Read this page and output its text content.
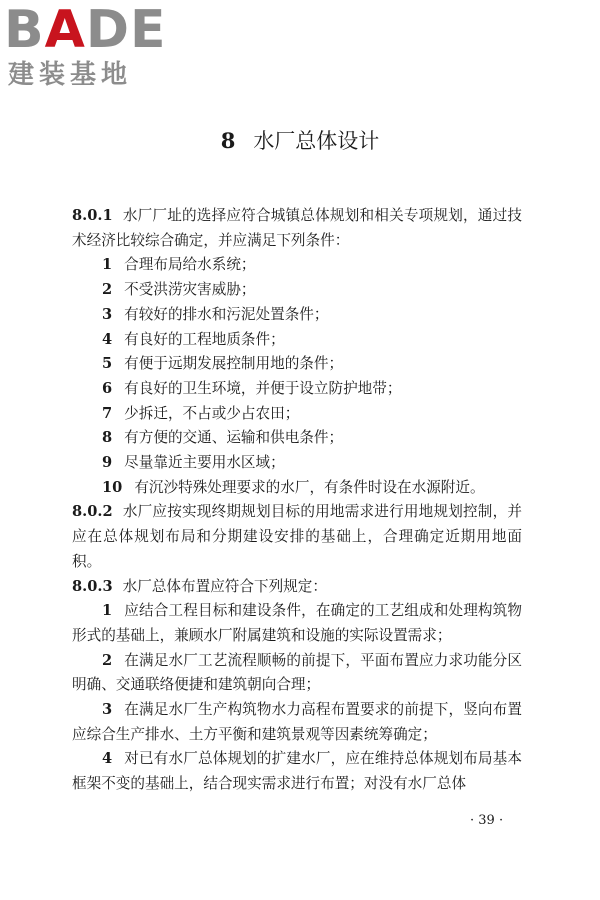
BADE
建装基地
8 水厂总体设计

8.0.1 水厂厂址的选择应符合城镇总体规划和相关专项规划，通过技术经济比较综合确定，并应满足下列条件：

1 合理布局给水系统；

2 不受洪涝灾害威胁；

3 有较好的排水和污泥处置条件；

4 有良好的工程地质条件；

5 有便于远期发展控制用地的条件；

6 有良好的卫生环境，并便于设立防护地带；

7 少拆迁，不占或少占农田；

8 有方便的交通、运输和供电条件；

9 尽量靠近主要用水区域；

10 有沉沙特殊处理要求的水厂，有条件时设在水源附近。

8.0.2 水厂应按实现终期规划目标的用地需求进行用地规划控制，并应在总体规划布局和分期建设安排的基础上，合理确定近期用地面积。

8.0.3 水厂总体布置应符合下列规定：

1 应结合工程目标和建设条件，在确定的工艺组成和处理构筑物形式的基础上，兼顾水厂附属建筑和设施的实际设置需求；

2 在满足水厂工艺流程顺畅的前提下，平面布置应力求功能分区明确、交通联络便捷和建筑朝向合理；

3 在满足水厂生产构筑物水力高程布置要求的前提下，竖向布置应综合生产排水、土方平衡和建筑景观等因素统筹确定；

4 对已有水厂总体规划的扩建水厂，应在维持总体规划布局基本框架不变的基础上，结合现实需求进行布置；对没有水厂总体

· 39 ·
